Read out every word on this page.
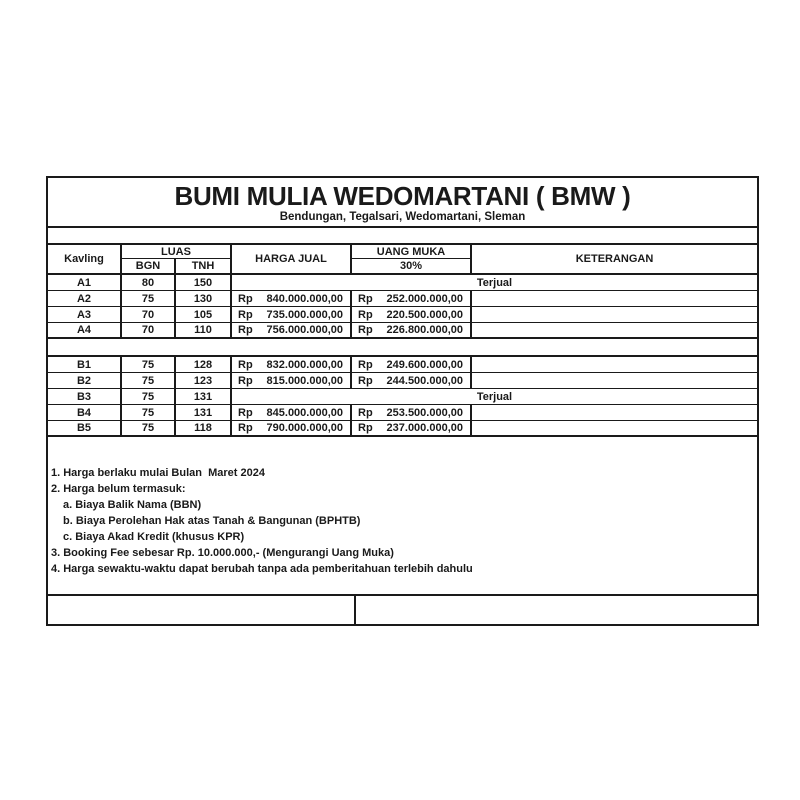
BUMI MULIA WEDOMARTANI ( BMW )
Bendungan, Tegalsari, Wedomartani, Sleman
Kavling
LUAS
BGN	TNH
HARGA JUAL
UANG MUKA
30%
KETERANGAN
A1	80	150	Terjual
A2	75	130	Rp 840.000.000,00 Rp 252.000.000,00
A3	70	105	Rp 735.000.000,00 Rp 220.500.000,00
A4	70	110	Rp 756.000.000,00 Rp 226.800.000,00
B1	75	128	Rp 832.000.000,00 Rp 249.600.000,00
B2	75	123	Rp 815.000.000,00 Rp 244.500.000,00
B3	75	131	Terjual
B4	75	131	Rp 845.000.000,00 Rp 253.500.000,00
B5	75	118	Rp 790.000.000,00 Rp 237.000.000,00
1. Harga berlaku mulai Bulan  Maret 2024
2. Harga belum termasuk:
a. Biaya Balik Nama (BBN)
b. Biaya Perolehan Hak atas Tanah & Bangunan (BPHTB)
c. Biaya Akad Kredit (khusus KPR)
3. Booking Fee sebesar Rp. 10.000.000,- (Mengurangi Uang Muka)
4. Harga sewaktu-waktu dapat berubah tanpa ada pemberitahuan terlebih dahulu
